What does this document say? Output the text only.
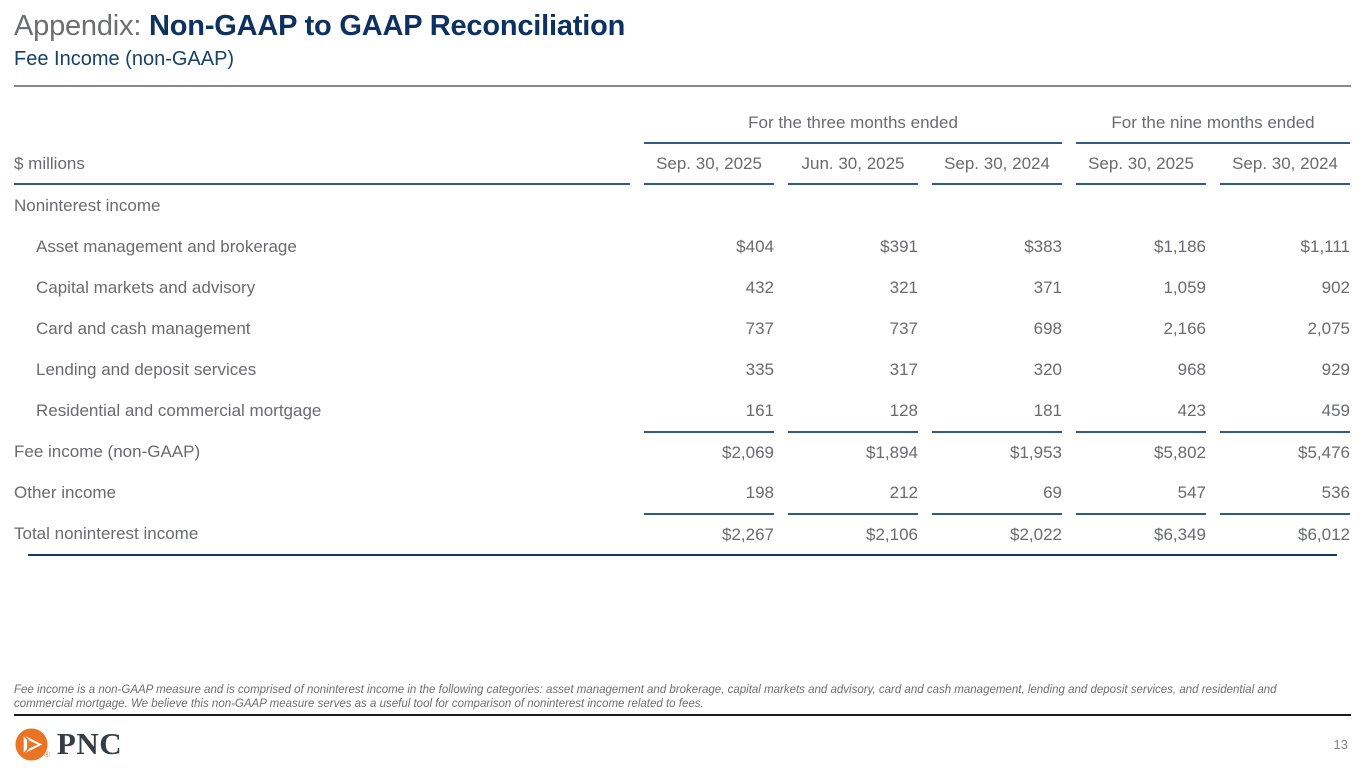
Appendix: Non-GAAP to GAAP Reconciliation
Fee Income (non-GAAP)
	For the three months ended			For the nine months ended	
$ millions	Sep. 30, 2025	Jun. 30, 2025	Sep. 30, 2024	Sep. 30, 2025	Sep. 30, 2024
Noninterest income					
Asset management and brokerage	$404	$391	$383	$1,186	$1,111
Capital markets and advisory	432	321	371	1,059	902
Card and cash management	737	737	698	2,166	2,075
Lending and deposit services	335	317	320	968	929
Residential and commercial mortgage	161	128	181	423	459
Fee income (non-GAAP)	$2,069	$1,894	$1,953	$5,802	$5,476
Other income	198	212	69	547	536
Total noninterest income	$2,267	$2,106	$2,022	$6,349	$6,012
Fee income is a non-GAAP measure and is comprised of noninterest income in the following categories: asset management and brokerage, capital markets and advisory, card and cash management, lending and deposit services, and residential and commercial mortgage. We believe this non-GAAP measure serves as a useful tool for comparison of noninterest income related to fees.
® PNC	13
